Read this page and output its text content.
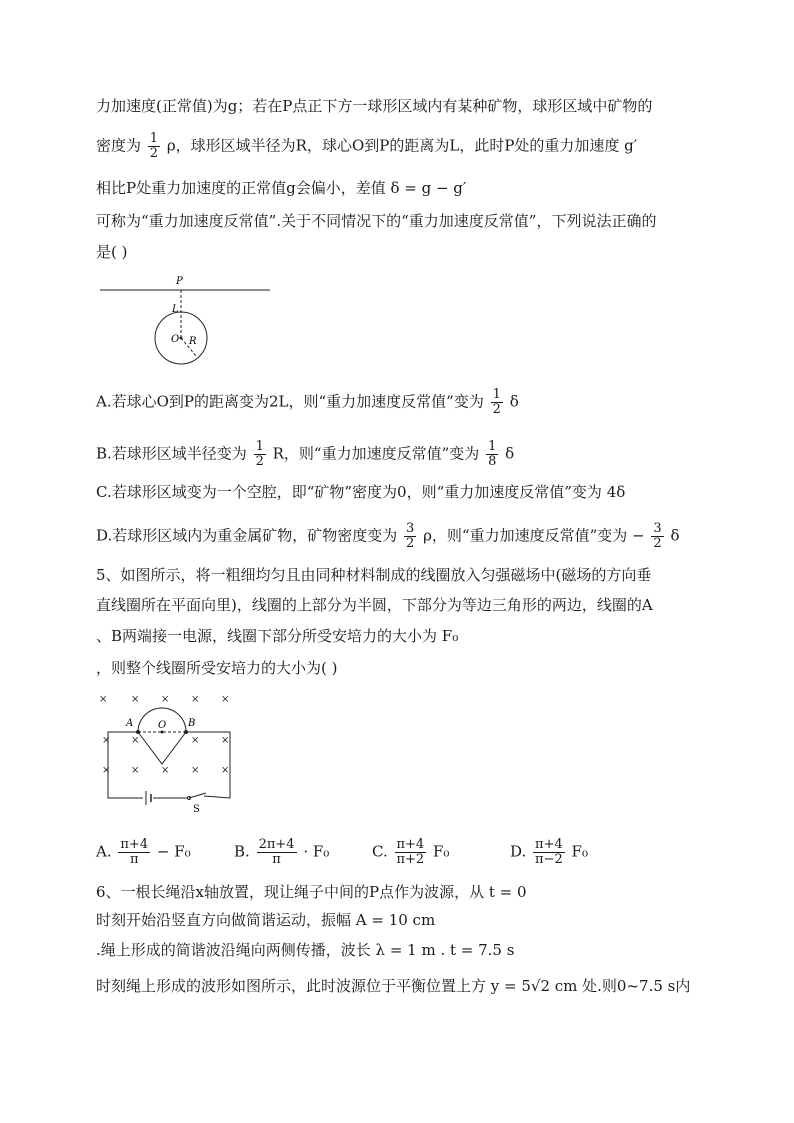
力加速度(正常值)为g；若在P点正下方一球形区域内有某种矿物，球形区域中矿物的
密度为 $\frac{1}{2}$ ρ，球形区域半径为R，球心O到P的距离为L，此时P处的重力加速度 g′
相比P处重力加速度的正常值g会偏小，差值 δ = g − g′
可称为“重力加速度反常值”.关于不同情况下的“重力加速度反常值”，下列说法正确的
是( )
P
L
O R
A.若球心O到P的距离变为2L，则“重力加速度反常值”变为 $\frac{1}{2}$ δ
B.若球形区域半径变为 $\frac{1}{2}$ R，则“重力加速度反常值”变为 $\frac{1}{8}$ δ
C.若球形区域变为一个空腔，即“矿物”密度为0，则“重力加速度反常值”变为 4δ
D.若球形区域内为重金属矿物，矿物密度变为 $\frac{3}{2}$ ρ，则“重力加速度反常值”变为 − $\frac{3}{2}$ δ
5、如图所示，将一粗细均匀且由同种材料制成的线圈放入匀强磁场中(磁场的方向垂
直线圈所在平面向里)，线圈的上部分为半圆，下部分为等边三角形的两边，线圈的A
、B两端接一电源，线圈下部分所受安培力的大小为 F₀
，则整个线圈所受安培力的大小为( )
× × × × ×
× ×	× ×
× × × × ×
A O B
S
A. $\frac{\pi+4}{\pi} - F_0$	B. $\frac{2\pi+4}{\pi} \cdot F_0$	C. $\frac{\pi+4}{\pi+2} F_0$	D. $\frac{\pi+4}{\pi-2} F_0$
6、一根长绳沿x轴放置，现让绳子中间的P点作为波源，从 t = 0
时刻开始沿竖直方向做简谐运动，振幅 A = 10 cm
.绳上形成的简谐波沿绳向两侧传播，波长 λ = 1 m . t = 7.5 s
时刻绳上形成的波形如图所示，此时波源位于平衡位置上方 y = 5√2 cm 处.则0~7.5 s内
